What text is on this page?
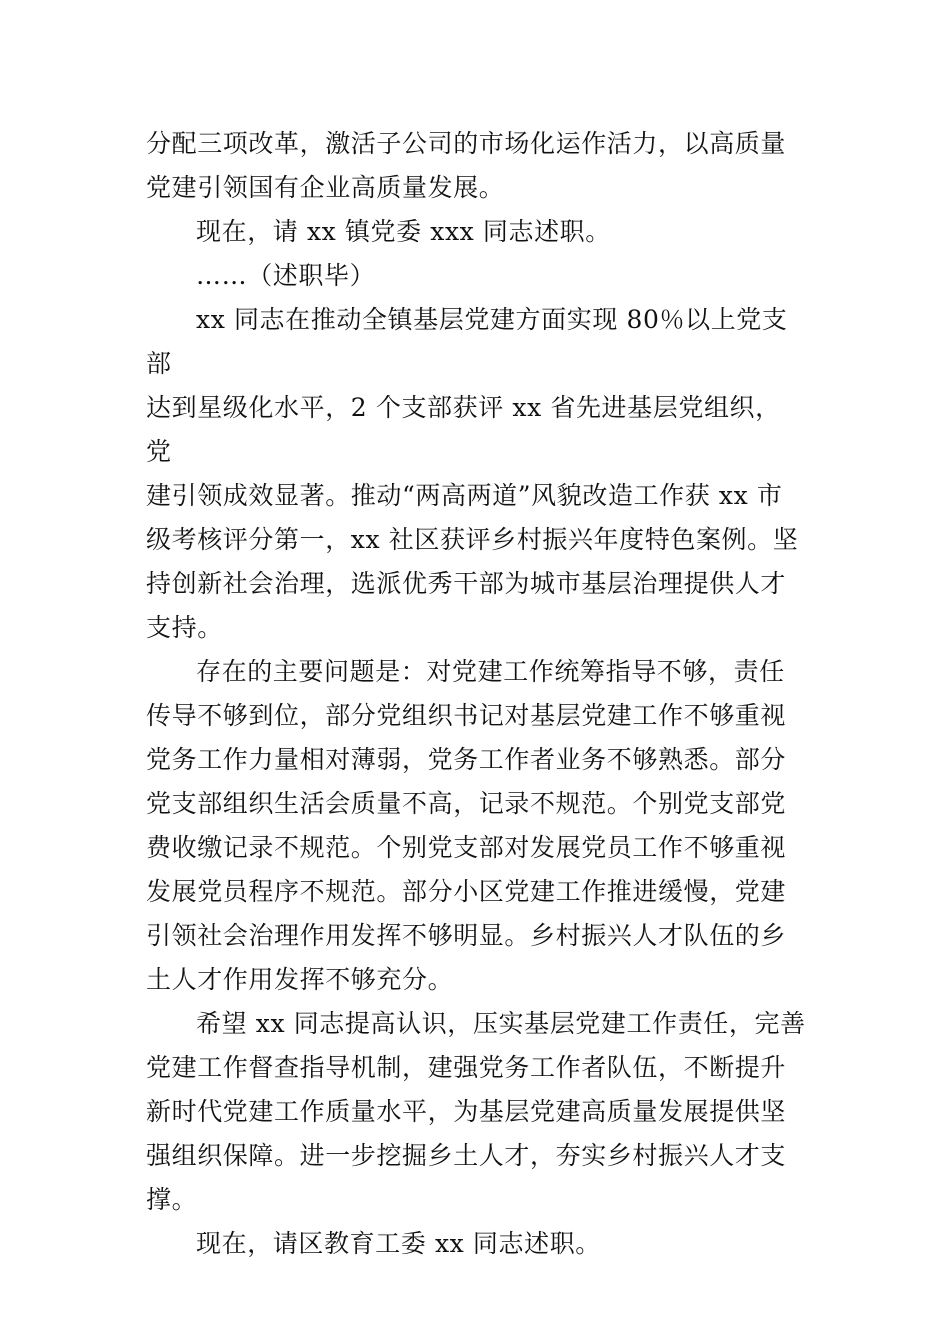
分配三项改革，激活子公司的市场化运作活力，以高质量
党建引领国有企业高质量发展。

现在，请 xx 镇党委 xxx 同志述职。

……（述职毕）

xx 同志在推动全镇基层党建方面实现 80％以上党支部
达到星级化水平，2 个支部获评 xx 省先进基层党组织，党
建引领成效显著。推动“两高两道”风貌改造工作获 xx 市
级考核评分第一，xx 社区获评乡村振兴年度特色案例。坚
持创新社会治理，选派优秀干部为城市基层治理提供人才
支持。

存在的主要问题是：对党建工作统筹指导不够，责任
传导不够到位，部分党组织书记对基层党建工作不够重视
党务工作力量相对薄弱，党务工作者业务不够熟悉。部分
党支部组织生活会质量不高，记录不规范。个别党支部党
费收缴记录不规范。个别党支部对发展党员工作不够重视
发展党员程序不规范。部分小区党建工作推进缓慢，党建
引领社会治理作用发挥不够明显。乡村振兴人才队伍的乡
土人才作用发挥不够充分。

希望 xx 同志提高认识，压实基层党建工作责任，完善
党建工作督查指导机制，建强党务工作者队伍，不断提升
新时代党建工作质量水平，为基层党建高质量发展提供坚
强组织保障。进一步挖掘乡土人才，夯实乡村振兴人才支
撑。

现在，请区教育工委 xx 同志述职。
